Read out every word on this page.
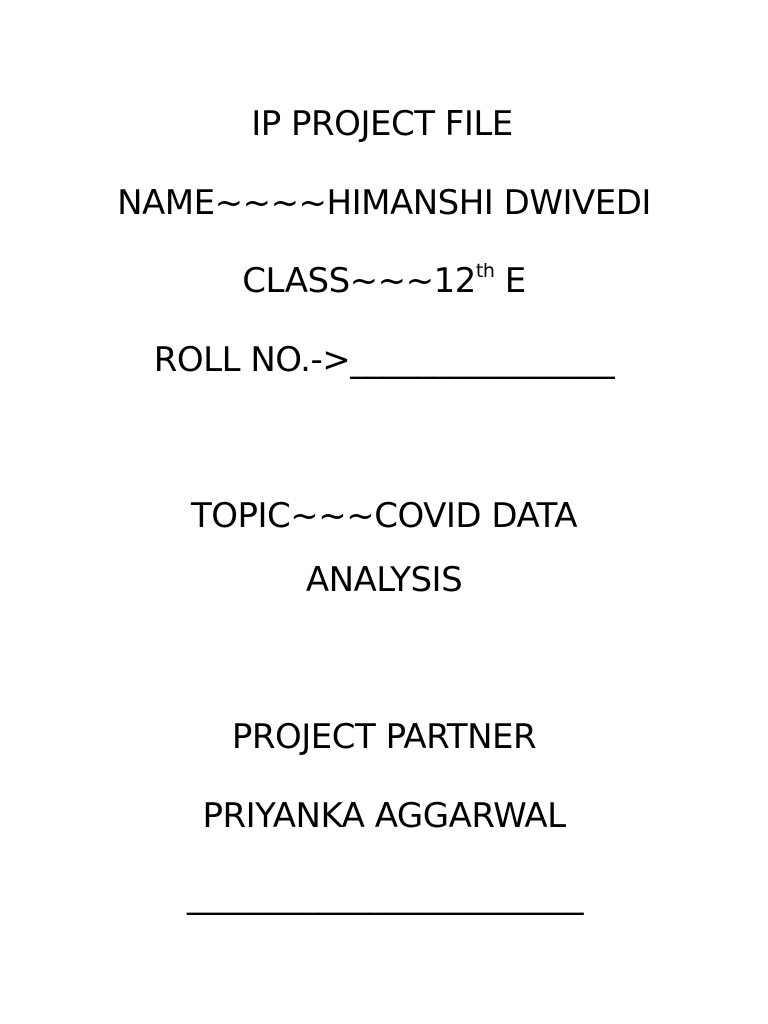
IP PROJECT FILE
NAME~~~~HIMANSHI DWIVEDI
CLASS~~~12th E
ROLL NO.->________________
TOPIC~~~COVID DATA
ANALYSIS
PROJECT PARTNER
PRIYANKA AGGARWAL
________________________
